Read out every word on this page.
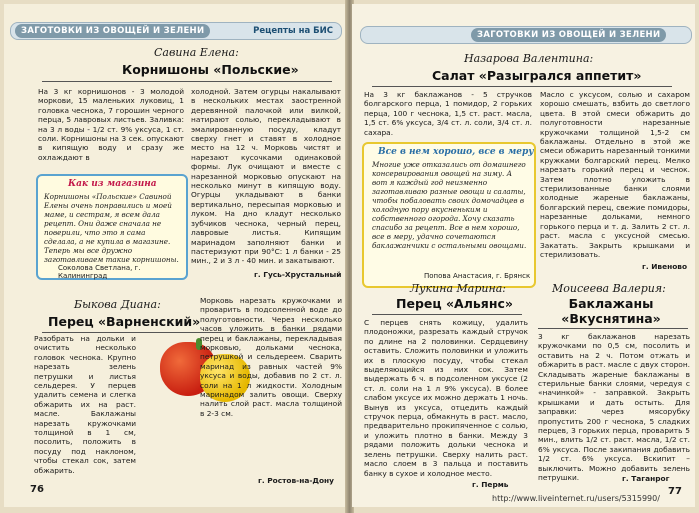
ЗАГОТОВКИ ИЗ ОВОЩЕЙ И ЗЕЛЕНИ	Рецепты на БИС
Савина Елена:
Корнишоны «Польские»
На 3 кг корнишонов - 3 молодой моркови, 15 маленьких луковиц, 1 головка чеснока, 7 горошин черного перца, 5 лавровых листьев. Заливка: на 3 л воды - 1/2 ст. 9% уксуса, 1 ст. соли. Корнишоны на 3 сек. опускают в кипящую воду и сразу же охлаждают в
холодной. Затем огурцы накалывают в нескольких местах заостренной деревянной палочкой или вилкой, натирают солью, перекладывают в эмалированную посуду, кладут сверху гнет и ставят в холодное место на 12 ч. Морковь чистят и нарезают кусочками одинаковой формы. Лук очищают и вместе с нарезанной морковью опускают на несколько минут в кипящую воду. Огурцы укладывают в банки вертикально, пересыпая морковью и луком. На дно кладут несколько зубчиков чеснока, черный перец, лавровые листья. Кипящим маринадом заполняют банки и пастеризуют при 90°С: 1 л банки - 25 мин., 2 и 3 л - 40 мин. и закатывают.
г. Гусь-Хрустальный
Как из магазина
Корнишоны «Польские» Савиной Елены очень понравились и моей маме, и сестрам, я всем дала рецепт. Они даже сначала не поверили, что это я сама сделала, а не купила в магазине. Теперь мы все дружно заготавливаем такие корнишоны.
Соколова Светлана, г. Калининград
Быкова Диана:
Перец «Варненский»
Разобрать на дольки и очистить несколько головок чеснока. Крупно нарезать зелень петрушки и листья сельдерея. У перцев удалить семена и слегка обжарить их на раст. масле. Баклажаны нарезать кружочками толщиной в 1 см, посолить, положить в посуду под наклоном, чтобы стекал сок, затем обжарить.
Морковь нарезать кружочками и проварить в подсоленной воде до полуготовности. Через несколько часов уложить в банки рядами перец и баклажаны, перекладывая морковью, дольками чеснока, петрушкой и сельдереем. Сварить маринад из равных частей 9% уксуса и воды, добавив по 2 ст. л. соли на 1 л жидкости. Холодным маринадом залить овощи. Сверху налить слой раст. масла толщиной в 2-3 см.
г. Ростов-на-Дону
76
ЗАГОТОВКИ ИЗ ОВОЩЕЙ И ЗЕЛЕНИ
Назарова Валентина:
Салат «Разыгрался аппетит»
На 3 кг баклажанов - 5 стручков болгарского перца, 1 помидор, 2 горьких перца, 100 г чеснока, 1,5 ст. раст. масла, 1,5 ст. 6% уксуса, 3/4 ст. л. соли, 3/4 ст. л. сахара.
Масло с уксусом, солью и сахаром хорошо смешать, взбить до светлого цвета. В этой смеси обжарить до полуготовности нарезанные кружочками толщиной 1,5-2 см баклажаны. Отдельно в этой же смеси обжарить нарезанный тонкими кружками болгарский перец. Мелко нарезать горький перец и чеснок. Затем плотно уложить в стерилизованные банки слоями холодные жареные баклажаны, болгарский перец, свежие помидоры, нарезанные дольками, немного горького перца и т. д. Залить 2 ст. л. раст. масла с уксусной смесью. Закатать. Закрыть крышками и стерилизовать.
г. Ивеново
Все в нем хорошо, все в меру
Многие уже отказались от домашнего консервирования овощей на зиму. А вот я каждый год неизменно заготавливаю разные овощи и салаты, чтобы побаловать своих домочадцев в холодную пору вкусненьким и собственного огорода. Хочу сказать спасибо за рецепт. Все в нем хорошо, все в меру, удачно сочетаются баклажанчики с остальными овощами.
Попова Анастасия, г. Брянск
Лукина Марина:
Перец «Альянс»
С перцев снять кожицу, удалить плодоножки, разрезать каждый стручок по длине на 2 половинки. Сердцевину оставить. Сложить половинки и уложить их в плоскую посуду, чтобы стекал выделяющийся из них сок. Затем выдержать 6 ч. в подсоленном уксусе (2 ст. л. соли на 1 л 9% уксуса). В более слабом уксусе их можно держать 1 ночь. Вынув из уксуса, отцедить каждый стручок перца, обмакнуть в раст. масло, предварительно прокипяченное с солью, и уложить плотно в банки. Между 3 рядами положить дольки чеснока и зелень петрушки. Сверху налить раст. масло слоем в 3 пальца и поставить банку в сухое и холодное место.
г. Пермь
Моисеева Валерия:
Баклажаны «Вкуснятина»
3 кг баклажанов нарезать кружочками по 0,5 см, посолить и оставить на 2 ч. Потом отжать и обжарить в раст. масле с двух сторон. Складывать жареные баклажаны в стерильные банки слоями, чередуя с «начинкой» - заправкой. Закрыть крышками и дать остыть. Для заправки: через мясорубку пропустить 200 г чеснока, 5 сладких перцев, 3 горьких перца, проварить 5 мин., влить 1/2 ст. раст. масла, 1/2 ст. 6% уксуса. После закипания добавить 1/2 ст. 6% уксуса. Вскипит – выключить. Можно добавить зелень петрушки.	г. Таганрог
77
http://www.liveinternet.ru/users/5315990/
